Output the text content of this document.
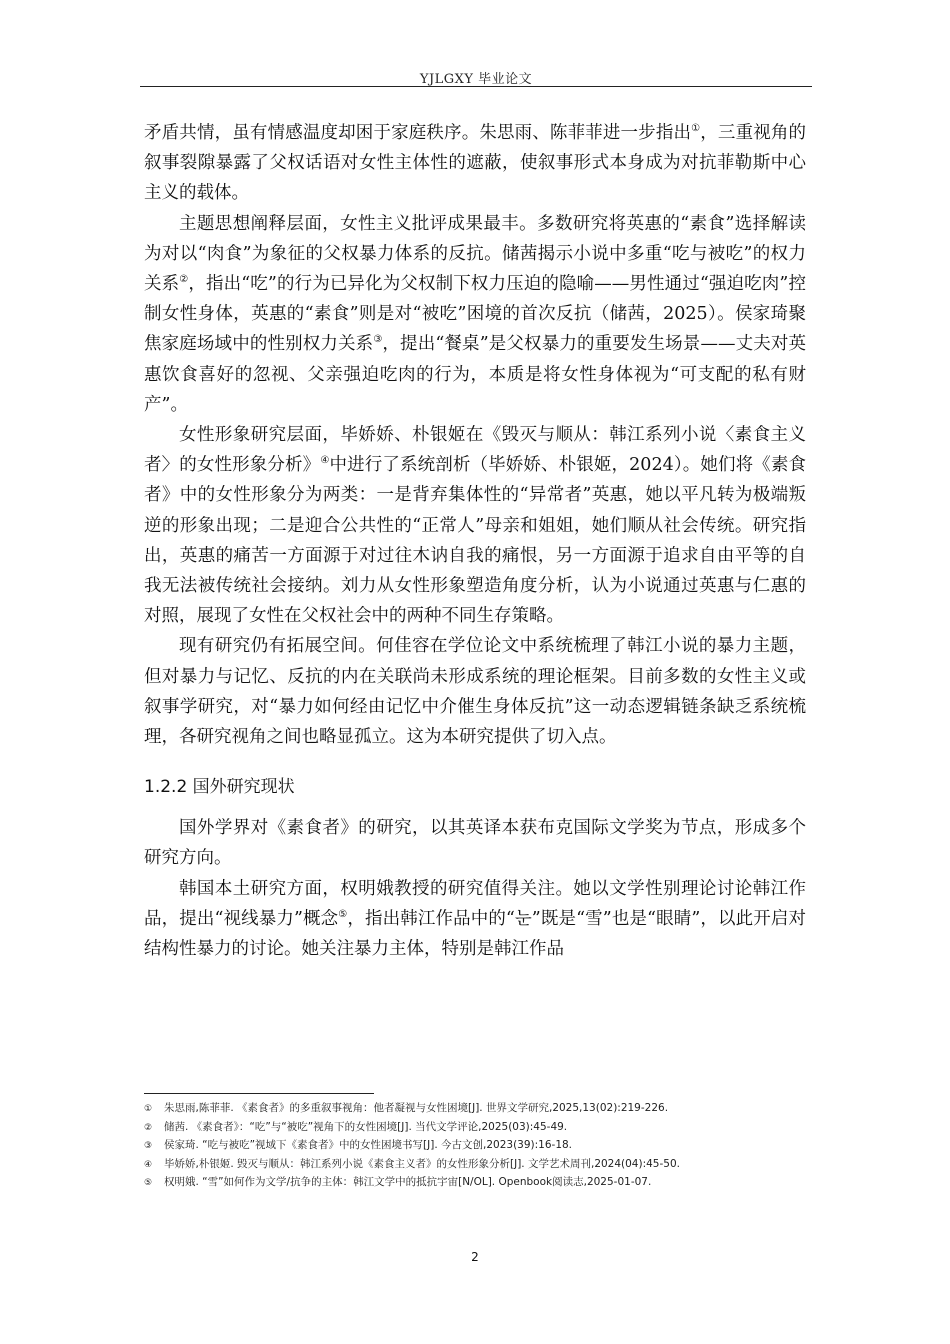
YJLGXY 毕业论文

矛盾共情，虽有情感温度却困于家庭秩序。朱思雨、陈菲菲进一步指出①，三重视角的叙事裂隙暴露了父权话语对女性主体性的遮蔽，使叙事形式本身成为对抗菲勒斯中心主义的载体。

主题思想阐释层面，女性主义批评成果最丰。多数研究将英惠的“素食”选择解读为对以“肉食”为象征的父权暴力体系的反抗。储茜揭示小说中多重“吃与被吃”的权力关系②，指出“吃”的行为已异化为父权制下权力压迫的隐喻——男性通过“强迫吃肉”控制女性身体，英惠的“素食”则是对“被吃”困境的首次反抗（储茜，2025）。侯家琦聚焦家庭场域中的性别权力关系③，提出“餐桌”是父权暴力的重要发生场景——丈夫对英惠饮食喜好的忽视、父亲强迫吃肉的行为，本质是将女性身体视为“可支配的私有财产”。

女性形象研究层面，毕娇娇、朴银姬在《毁灭与顺从：韩江系列小说〈素食主义者〉的女性形象分析》④中进行了系统剖析（毕娇娇、朴银姬，2024）。她们将《素食者》中的女性形象分为两类：一是背弃集体性的“异常者”英惠，她以平凡转为极端叛逆的形象出现；二是迎合公共性的“正常人”母亲和姐姐，她们顺从社会传统。研究指出，英惠的痛苦一方面源于对过往木讷自我的痛恨，另一方面源于追求自由平等的自我无法被传统社会接纳。刘力从女性形象塑造角度分析，认为小说通过英惠与仁惠的对照，展现了女性在父权社会中的两种不同生存策略。

现有研究仍有拓展空间。何佳容在学位论文中系统梳理了韩江小说的暴力主题，但对暴力与记忆、反抗的内在关联尚未形成系统的理论框架。目前多数的女性主义或叙事学研究，对“暴力如何经由记忆中介催生身体反抗”这一动态逻辑链条缺乏系统梳理，各研究视角之间也略显孤立。这为本研究提供了切入点。

1.2.2 国外研究现状

国外学界对《素食者》的研究，以其英译本获布克国际文学奖为节点，形成多个研究方向。

韩国本土研究方面，权明娥教授的研究值得关注。她以文学性别理论讨论韩江作品，提出“视线暴力”概念⑤，指出韩江作品中的“눈”既是“雪”也是“眼睛”，以此开启对结构性暴力的讨论。她关注暴力主体，特别是韩江作品

① 朱思雨,陈菲菲. 《素食者》的多重叙事视角：他者凝视与女性困境[J]. 世界文学研究,2025,13(02):219-226.
② 储茜. 《素食者》：“吃”与“被吃”视角下的女性困境[J]. 当代文学评论,2025(03):45-49.
③ 侯家琦. “吃与被吃”视域下《素食者》中的女性困境书写[J]. 今古文创,2023(39):16-18.
④ 毕娇娇,朴银姬. 毁灭与顺从：韩江系列小说《素食主义者》的女性形象分析[J]. 文学艺术周刊,2024(04):45-50.
⑤ 权明娥. “雪”如何作为文学/抗争的主体：韩江文学中的抵抗宇宙[N/OL]. Openbook阅读志,2025-01-07.
2
